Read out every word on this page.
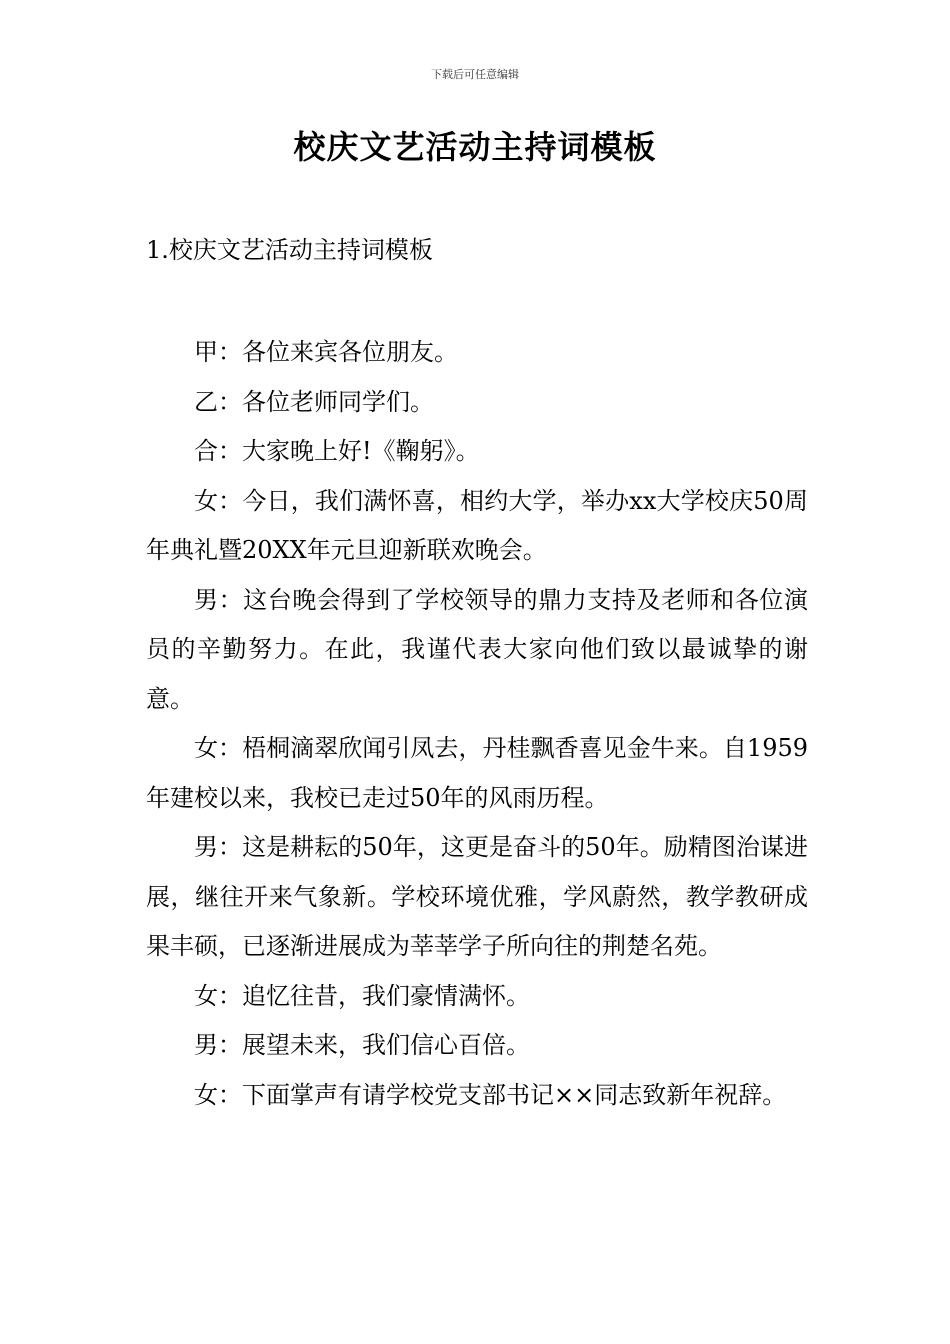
下载后可任意编辑
校庆文艺活动主持词模板
1.校庆文艺活动主持词模板

甲：各位来宾各位朋友。

乙：各位老师同学们。

合：大家晚上好!《鞠躬》。

女：今日，我们满怀喜，相约大学，举办xx大学校庆50周年典礼暨20XX年元旦迎新联欢晚会。

男：这台晚会得到了学校领导的鼎力支持及老师和各位演员的辛勤努力。在此，我谨代表大家向他们致以最诚挚的谢意。

女：梧桐滴翠欣闻引凤去，丹桂飘香喜见金牛来。自1959年建校以来，我校已走过50年的风雨历程。

男：这是耕耘的50年，这更是奋斗的50年。励精图治谋进展，继往开来气象新。学校环境优雅，学风蔚然，教学教研成果丰硕，已逐渐进展成为莘莘学子所向往的荆楚名苑。

女：追忆往昔，我们豪情满怀。

男：展望未来，我们信心百倍。

女：下面掌声有请学校党支部书记××同志致新年祝辞。
